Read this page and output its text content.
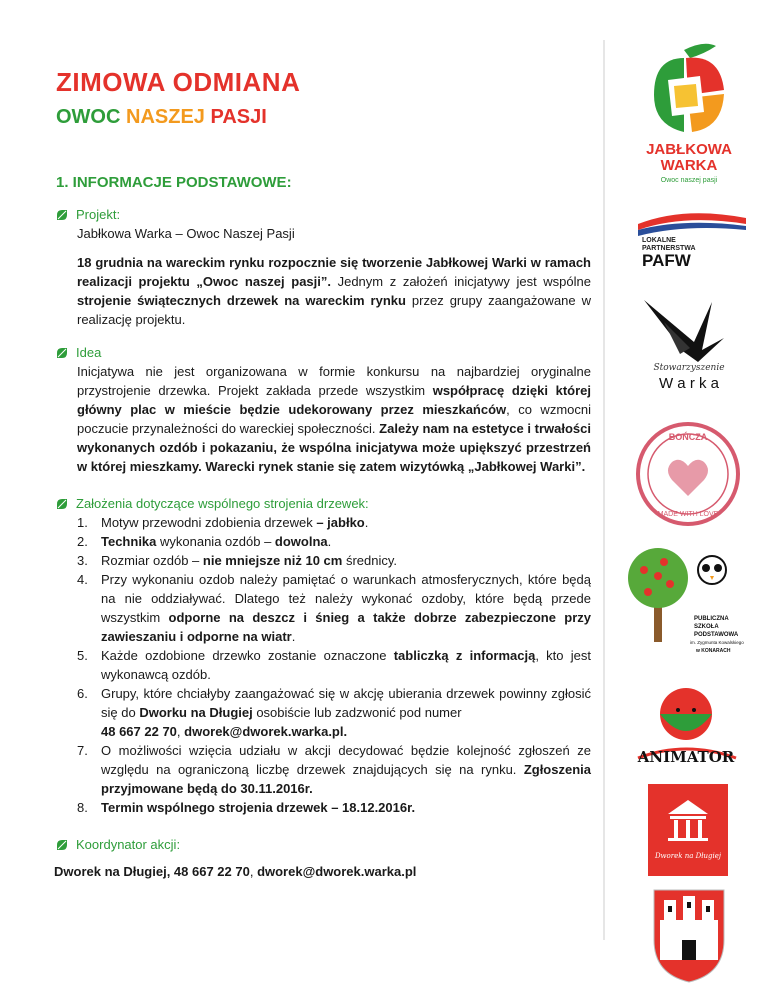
ZIMOWA ODMIANA
OWOC NASZEJ PASJI
1. INFORMACJE PODSTAWOWE:
Projekt:

Jabłkowa Warka – Owoc Naszej Pasji

18 grudnia na wareckim rynku rozpocznie się tworzenie Jabłkowej Warki w ramach realizacji projektu „Owoc naszej pasji”. Jednym z założeń inicjatywy jest wspólne strojenie świątecznych drzewek na wareckim rynku przez grupy zaangażowane w realizację projektu.

Idea

Inicjatywa nie jest organizowana w formie konkursu na najbardziej oryginalne przystrojenie drzewka. Projekt zakłada przede wszystkim współpracę dzięki której główny plac w mieście będzie udekorowany przez mieszkańców, co wzmocni poczucie przynależności do wareckiej społeczności. Zależy nam na estetyce i trwałości wykonanych ozdób i pokazaniu, że wspólna inicjatywa może upiększyć przestrzeń w której mieszkamy. Warecki rynek stanie się zatem wizytówką „Jabłkowej Warki”.

Założenia dotyczące wspólnego strojenia drzewek:
1. Motyw przewodni zdobienia drzewek – jabłko.
2. Technika wykonania ozdób – dowolna.
3. Rozmiar ozdób – nie mniejsze niż 10 cm średnicy.
4. Przy wykonaniu ozdob należy pamiętać o warunkach atmosferycznych, które będą na nie oddziaływać. Dlatego też należy wykonać ozdoby, które będą przede wszystkim odporne na deszcz i śnieg a także dobrze zabezpieczone przy zawieszaniu i odporne na wiatr.
5. Każde ozdobione drzewko zostanie oznaczone tabliczką z informacją, kto jest wykonawcą ozdób.
6. Grupy, które chciałyby zaangażować się w akcję ubierania drzewek powinny zgłosić się do Dworku na Długiej osobiście lub zadzwonić pod numer
48 667 22 70, dworek@dworek.warka.pl.
7. O możliwości wzięcia udziału w akcji decydować będzie kolejność zgłoszeń ze względu na ograniczoną liczbę drzewek znajdujących się na rynku. Zgłoszenia przyjmowane będą do 30.11.2016r.
8. Termin wspólnego strojenia drzewek – 18.12.2016r.
Koordynator akcji:
Dworek na Długiej, 48 667 22 70, dworek@dworek.warka.pl
JABŁKOWA
WARKA
Owoc naszej pasji
LOKALNE
PARTNERSTWA
PAFW
Stowarzyszenie
W a r k a
BOŃCZA
MADE WITH LOVE
PUBLICZNA
SZKOŁA
PODSTAWOWA
im. Zygmunta Kowalskiego
w KONARACH
ANIMATOR
Dworek na Długiej
